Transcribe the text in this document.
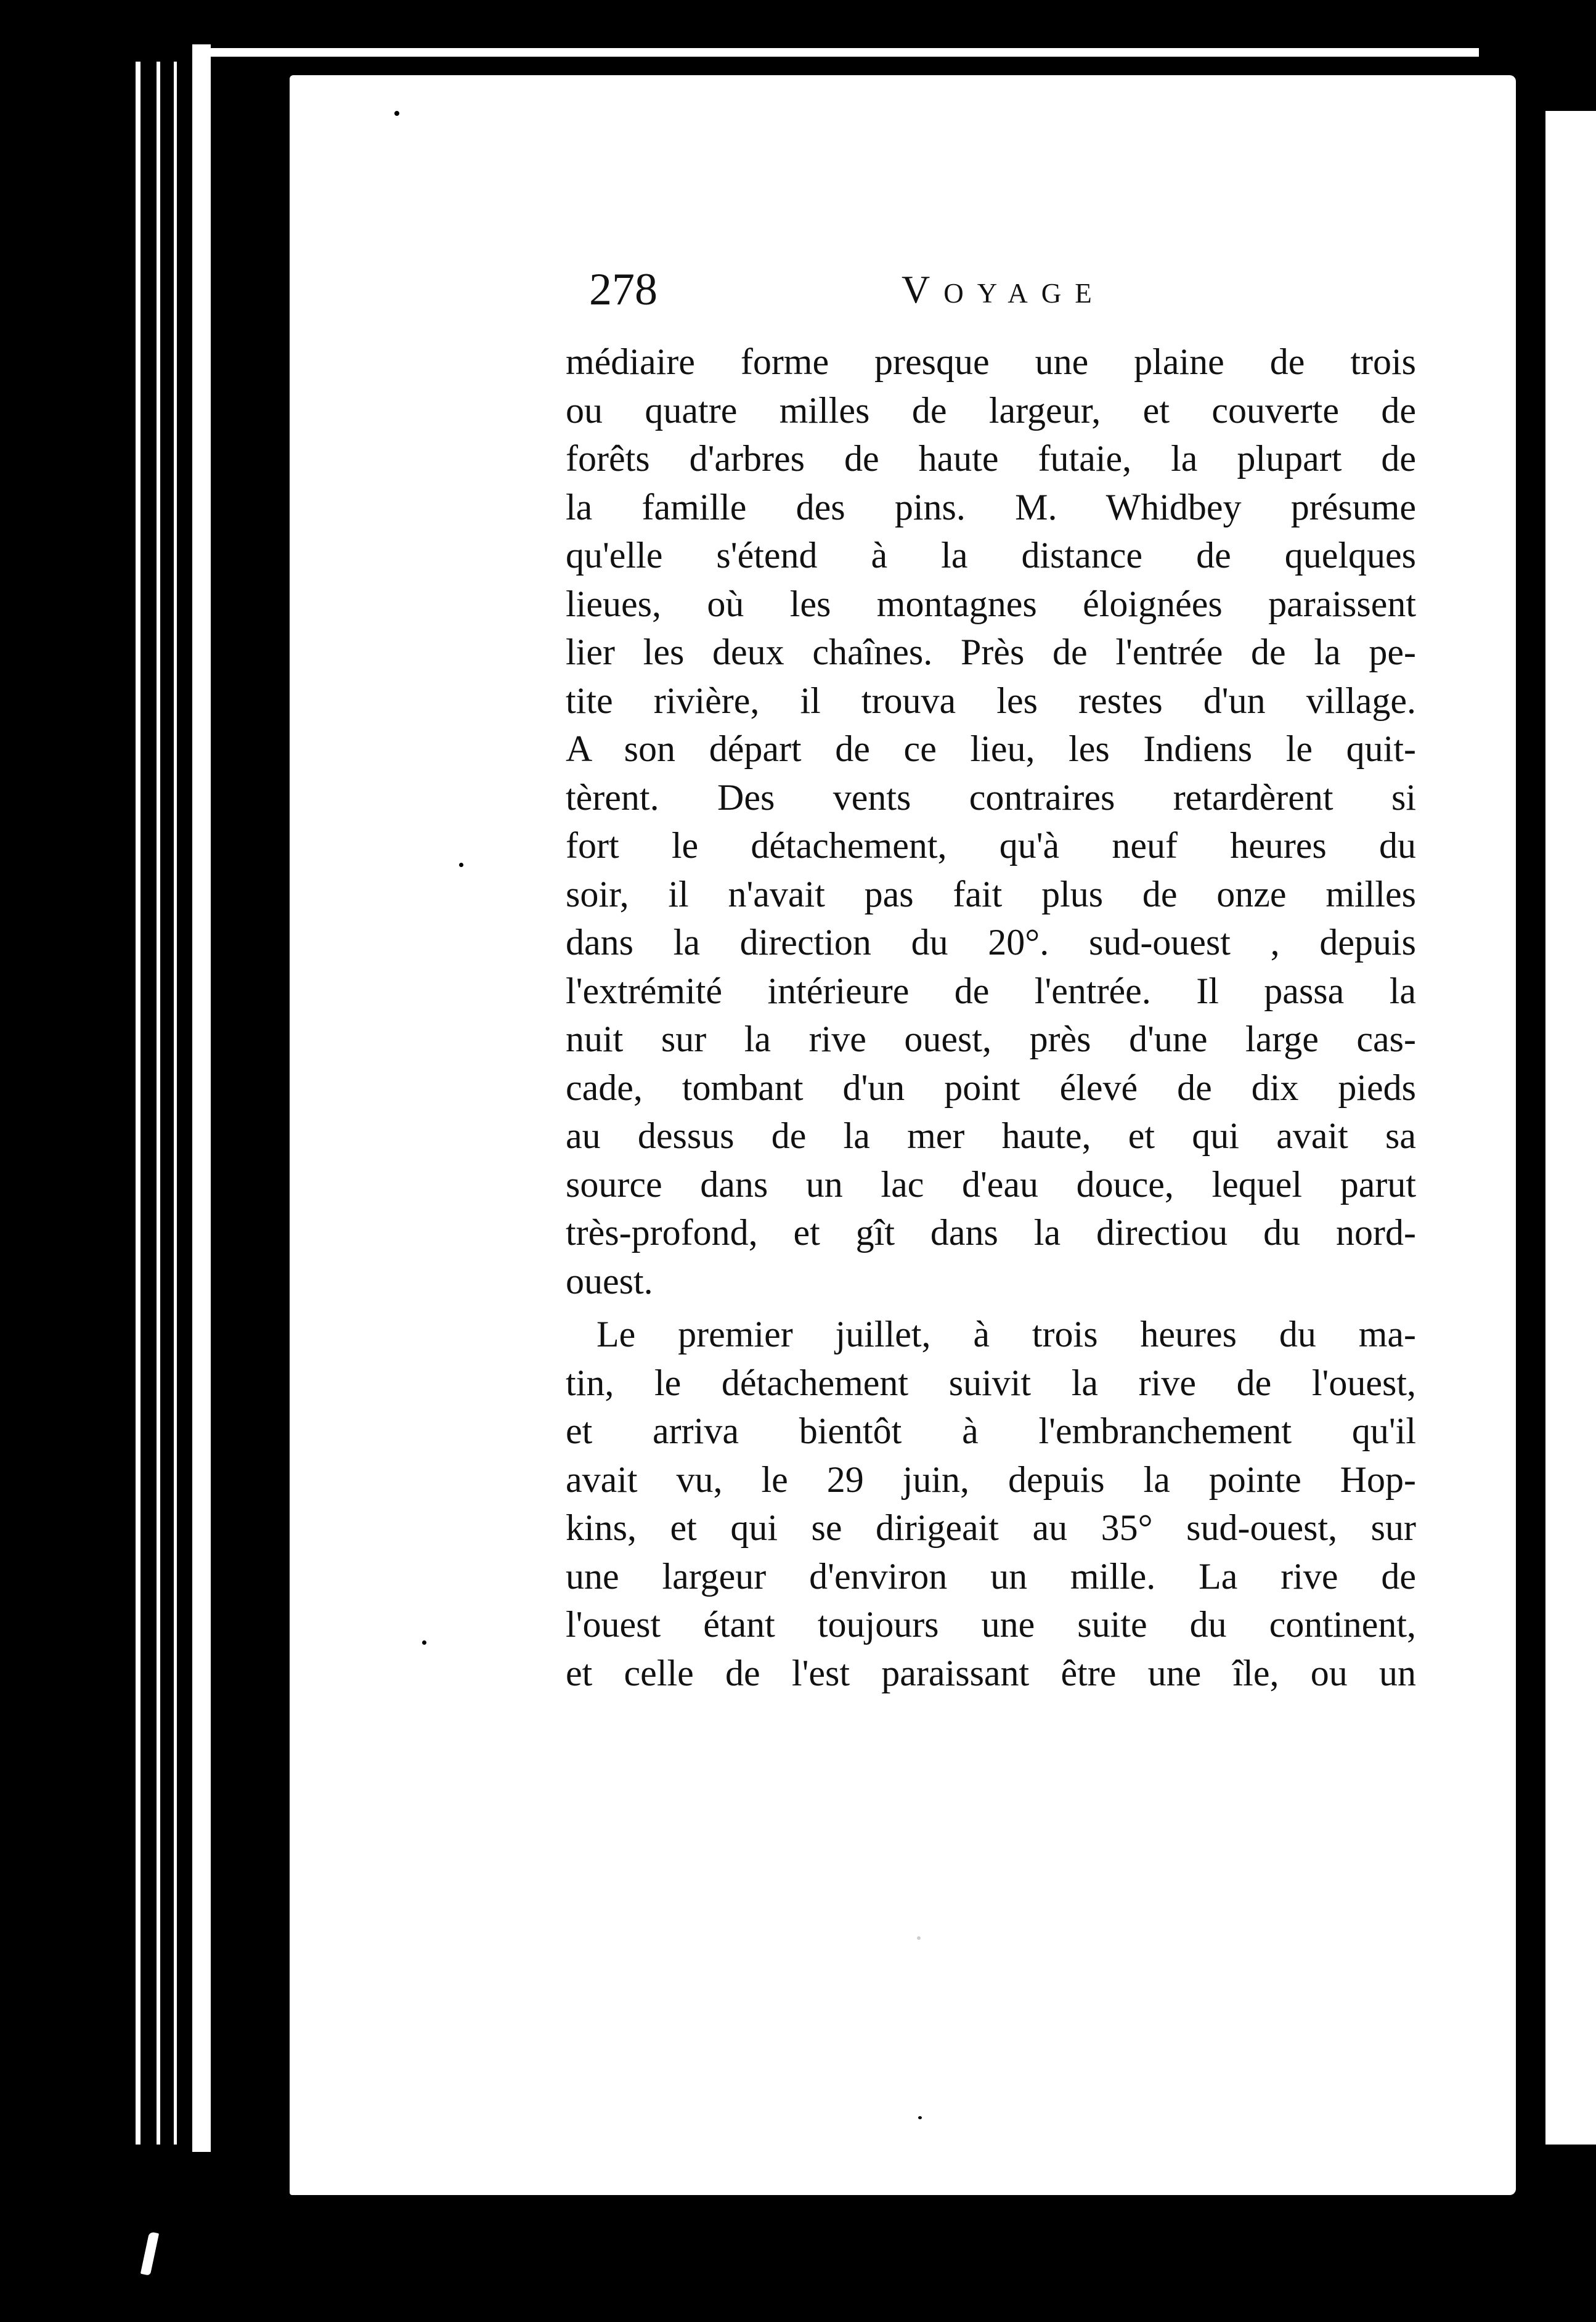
278	Voyage

médiaire forme presque une plaine de trois
ou quatre milles de largeur, et couverte de
forêts d'arbres de haute futaie, la plupart de
la famille des pins. M. Whidbey présume
qu'elle s'étend à la distance de quelques
lieues, où les montagnes éloignées paraissent
lier les deux chaînes. Près de l'entrée de la pe-
tite rivière, il trouva les restes d'un village.
A son départ de ce lieu, les Indiens le quit-
tèrent. Des vents contraires retardèrent si
fort le détachement, qu'à neuf heures du
soir, il n'avait pas fait plus de onze milles
dans la direction du 20°. sud-ouest , depuis
l'extrémité intérieure de l'entrée. Il passa la
nuit sur la rive ouest, près d'une large cas-
cade, tombant d'un point élevé de dix pieds
au dessus de la mer haute, et qui avait sa
source dans un lac d'eau douce, lequel parut
très-profond, et gît dans la directiou du nord-
ouest.

Le premier juillet, à trois heures du ma-
tin, le détachement suivit la rive de l'ouest,
et arriva bientôt à l'embranchement qu'il
avait vu, le 29 juin, depuis la pointe Hop-
kins, et qui se dirigeait au 35° sud-ouest, sur
une largeur d'environ un mille. La rive de
l'ouest étant toujours une suite du continent,
et celle de l'est paraissant être une île, ou un
